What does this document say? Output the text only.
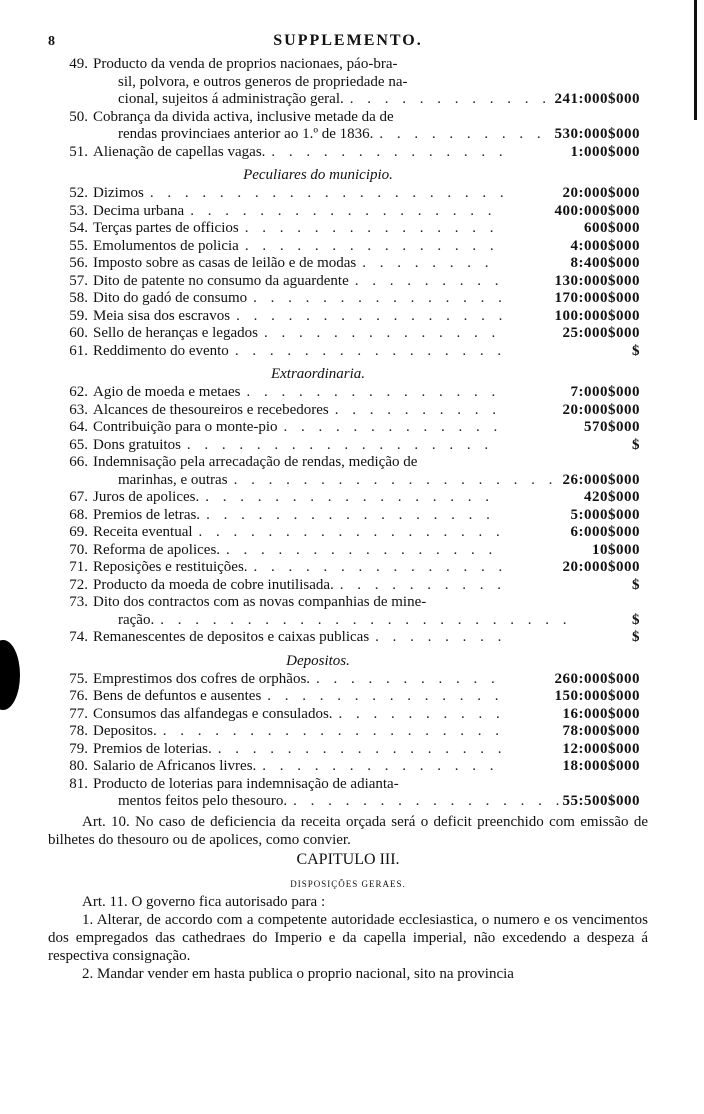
8	SUPPLEMENTO.
49. Producto da venda de proprios nacionaes, páo-bra-
sil, polvora, e outros generos de propriedade na-
cional, sujeitos á administração geral. . . .	241:000$000
50. Cobrança da divida activa, inclusive metade da de
rendas provinciaes anterior ao 1.º de 1836. . . .	530:000$000
51. Alienação de capellas vagas. . . .	1:000$000
Peculiares do municipio.
52. Dizimos . . .	20:000$000
53. Decima urbana . . .	400:000$000
54. Terças partes de officios . . .	600$000
55. Emolumentos de policia . . .	4:000$000
56. Imposto sobre as casas de leilão e de modas . . .	8:400$000
57. Dito de patente no consumo da aguardente . . .	130:000$000
58. Dito do gadó de consumo . . .	170:000$000
59. Meia sisa dos escravos . . .	100:000$000
60. Sello de heranças e legados . . .	25:000$000
61. Reddimento do evento . . .	$
Extraordinaria.
62. Agio de moeda e metaes . . .	7:000$000
63. Alcances de thesoureiros e recebedores . . .	20:000$000
64. Contribuição para o monte-pio . . .	570$000
65. Dons gratuitos . . .	$
66. Indemnisação pela arrecadação de rendas, medição de
marinhas, e outras . . .	26:000$000
67. Juros de apolices. . . .	420$000
68. Premios de letras. . . .	5:000$000
69. Receita eventual . . .	6:000$000
70. Reforma de apolices. . . .	10$000
71. Reposições e restituições. . . .	20:000$000
72. Producto da moeda de cobre inutilisada. . . .	$
73. Dito dos contractos com as novas companhias de mine-
ração. . . .	$
74. Remanescentes de depositos e caixas publicas . . .	$
Depositos.
75. Emprestimos dos cofres de orphãos. . . .	260:000$000
76. Bens de defuntos e ausentes . . .	150:000$000
77. Consumos das alfandegas e consulados. . . .	16:000$000
78. Depositos. . . .	78:000$000
79. Premios de loterias. . . .	12:000$000
80. Salario de Africanos livres. . . .	18:000$000
81. Producto de loterias para indemnisação de adianta-
mentos feitos pelo thesouro. . . .	55:500$000
Art. 10. No caso de deficiencia da receita orçada será o deficit preenchido com emissão de bilhetes do thesouro ou de apolices, como convier.
CAPITULO III.
DISPOSIÇÕES GERAES.
Art. 11. O governo fica autorisado para :
1. Alterar, de accordo com a competente autoridade ecclesiastica, o numero e os vencimentos dos empregados das cathedraes do Imperio e da capella imperial, não excedendo a despeza á respectiva consignação.
2. Mandar vender em hasta publica o proprio nacional, sito na provincia
